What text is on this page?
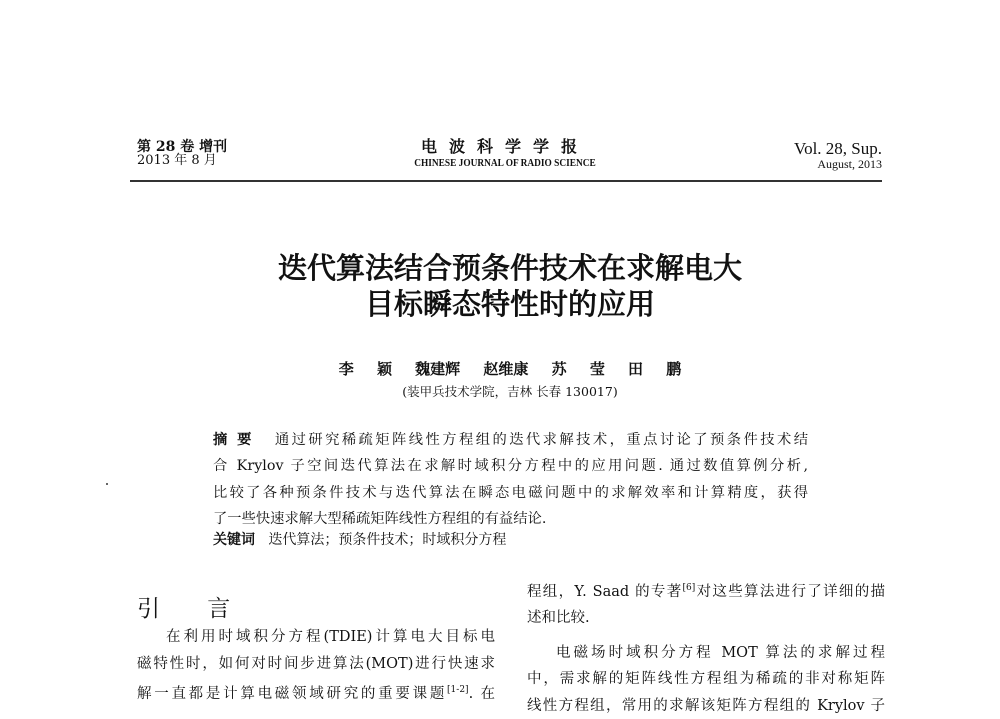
第 28 卷 增刊
2013 年 8 月
电波科学学报
CHINESE JOURNAL OF RADIO SCIENCE
Vol. 28, Sup.
August, 2013
迭代算法结合预条件技术在求解电大
目标瞬态特性时的应用
李 颖 魏建辉 赵维康 苏 莹 田 鹏
(装甲兵技术学院，吉林 长春 130017)
摘 要 通过研究稀疏矩阵线性方程组的迭代求解技术，重点讨论了预条件技术结
合 Krylov 子空间迭代算法在求解时域积分方程中的应用问题. 通过数值算例分析,
比较了各种预条件技术与迭代算法在瞬态电磁问题中的求解效率和计算精度，获得
了一些快速求解大型稀疏矩阵线性方程组的有益结论.
关键词 迭代算法；预条件技术；时域积分方程
引 言
在利用时域积分方程(TDIE)计算电大目标电
磁特性时，如何对时间步进算法(MOT)进行快速求
解一直都是计算电磁领域研究的重要课题[1-2]. 在
程组，Y. Saad 的专著[6]对这些算法进行了详细的描
述和比较.
电磁场时域积分方程 MOT 算法的求解过程
中，需求解的矩阵线性方程组为稀疏的非对称矩阵
线性方程组，常用的求解该矩阵方程组的 Krylov 子
